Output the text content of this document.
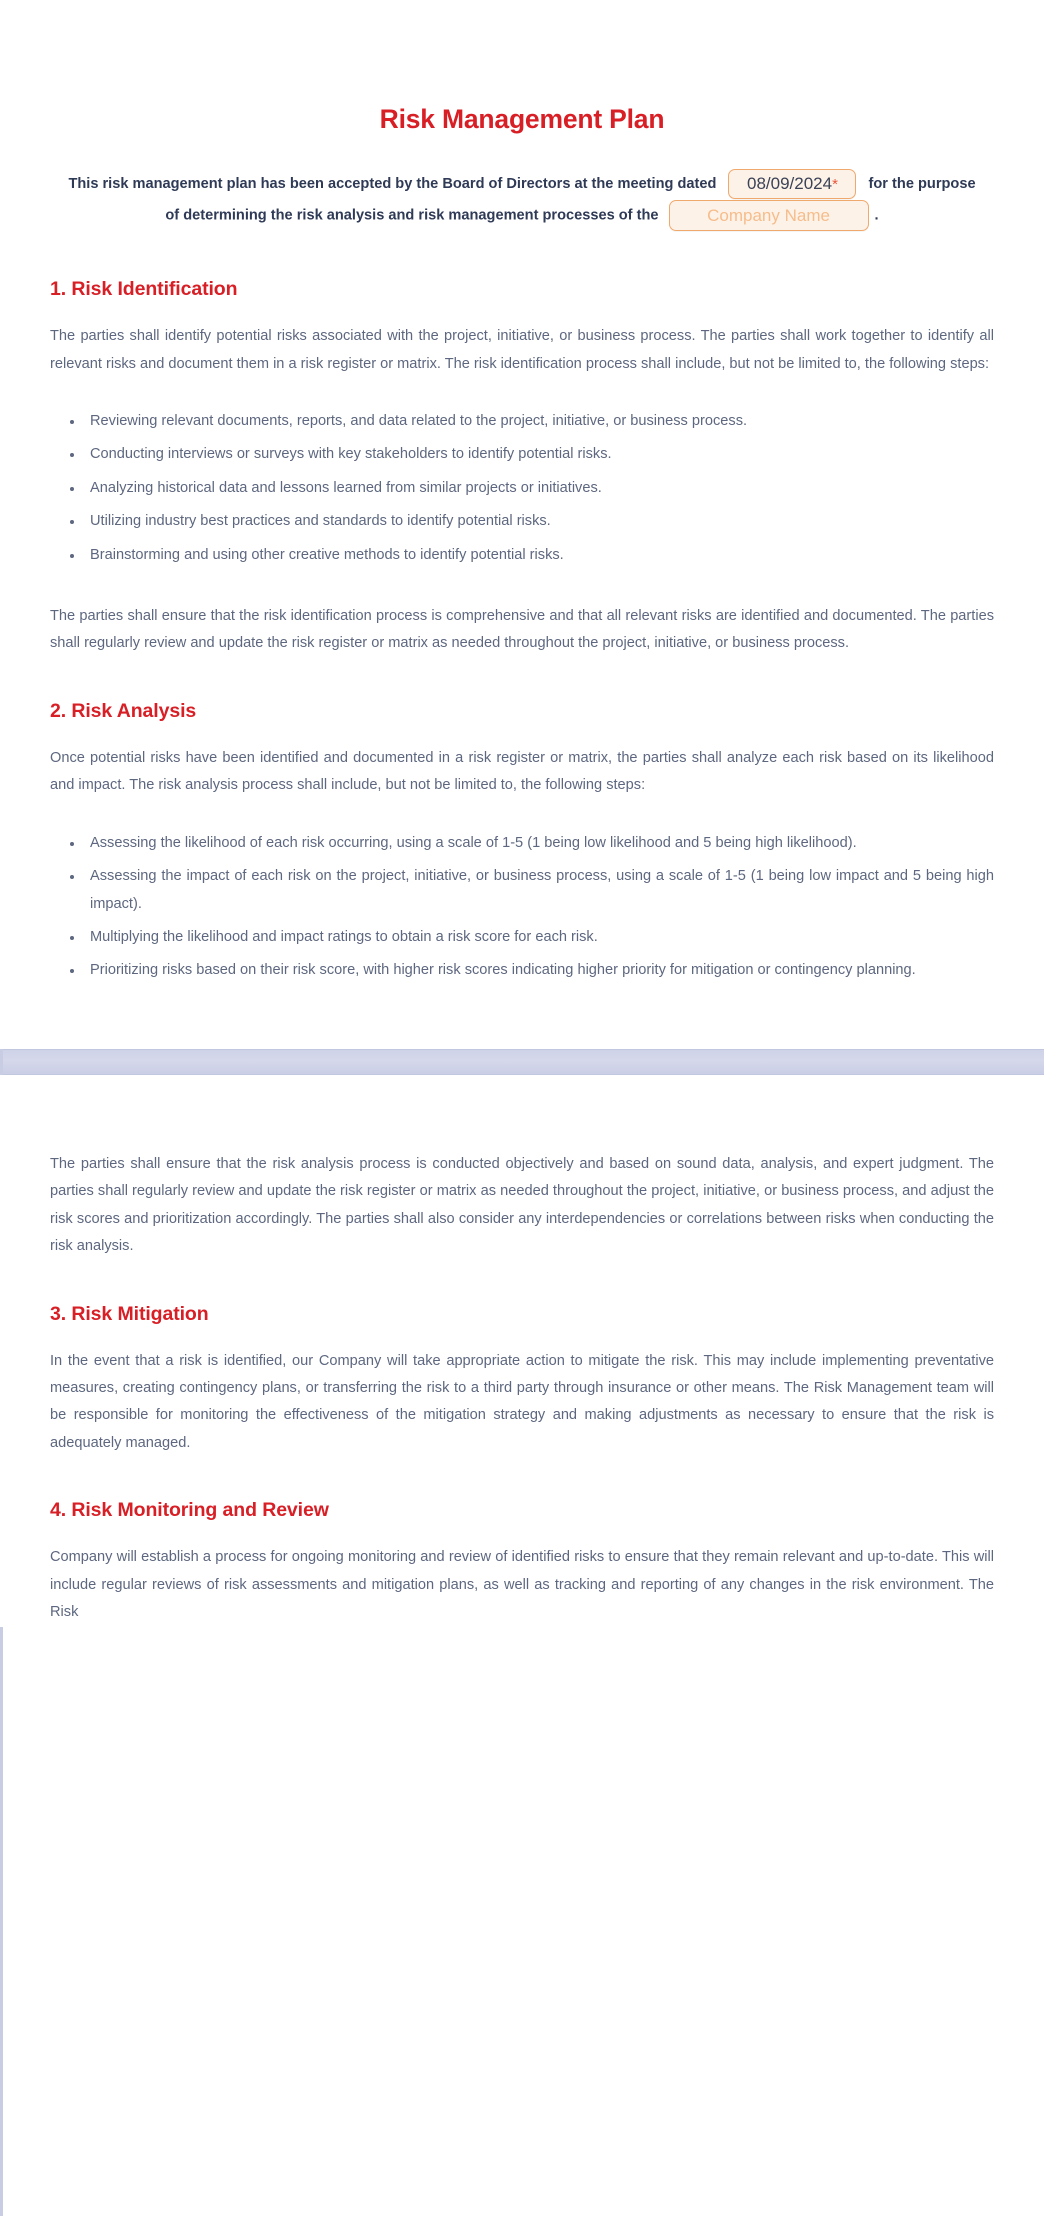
Risk Management Plan

This risk management plan has been accepted by the Board of Directors at the meeting dated 08/09/2024* for the purpose of determining the risk analysis and risk management processes of the	Company Name	.

1. Risk Identification

The parties shall identify potential risks associated with the project, initiative, or business process. The parties shall work together to identify all relevant risks and document them in a risk register or matrix. The risk identification process shall include, but not be limited to, the following steps:

Reviewing relevant documents, reports, and data related to the project, initiative, or business process.
Conducting interviews or surveys with key stakeholders to identify potential risks.
Analyzing historical data and lessons learned from similar projects or initiatives.
Utilizing industry best practices and standards to identify potential risks.
Brainstorming and using other creative methods to identify potential risks.

The parties shall ensure that the risk identification process is comprehensive and that all relevant risks are identified and documented. The parties shall regularly review and update the risk register or matrix as needed throughout the project, initiative, or business process.

2. Risk Analysis

Once potential risks have been identified and documented in a risk register or matrix, the parties shall analyze each risk based on its likelihood and impact. The risk analysis process shall include, but not be limited to, the following steps:

Assessing the likelihood of each risk occurring, using a scale of 1-5 (1 being low likelihood and 5 being high likelihood).
Assessing the impact of each risk on the project, initiative, or business process, using a scale of 1-5 (1 being low impact and 5 being high impact).
Multiplying the likelihood and impact ratings to obtain a risk score for each risk.
Prioritizing risks based on their risk score, with higher risk scores indicating higher priority for mitigation or contingency planning.

The parties shall ensure that the risk analysis process is conducted objectively and based on sound data, analysis, and expert judgment. The parties shall regularly review and update the risk register or matrix as needed throughout the project, initiative, or business process, and adjust the risk scores and prioritization accordingly. The parties shall also consider any interdependencies or correlations between risks when conducting the risk analysis.

3. Risk Mitigation

In the event that a risk is identified, our Company will take appropriate action to mitigate the risk. This may include implementing preventative measures, creating contingency plans, or transferring the risk to a third party through insurance or other means. The Risk Management team will be responsible for monitoring the effectiveness of the mitigation strategy and making adjustments as necessary to ensure that the risk is adequately managed.

4. Risk Monitoring and Review

Company will establish a process for ongoing monitoring and review of identified risks to ensure that they remain relevant and up-to-date. This will include regular reviews of risk assessments and mitigation plans, as well as tracking and reporting of any changes in the risk environment. The Risk
